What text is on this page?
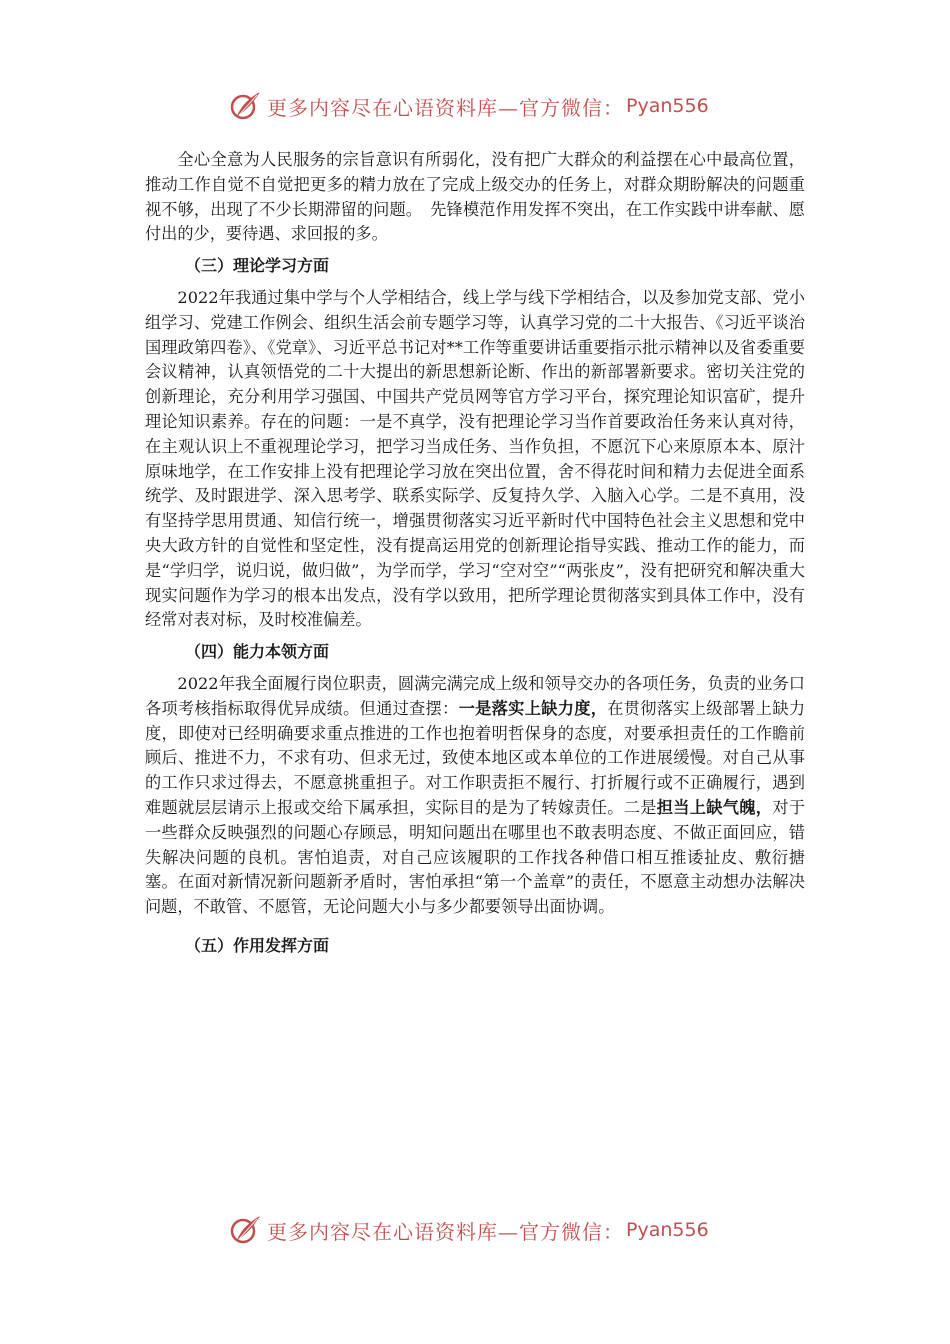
更多内容尽在心语资料库—官方微信： Pyan556

全心全意为人民服务的宗旨意识有所弱化，没有把广大群众的利益摆在心中最高位置，推动工作自觉不自觉把更多的精力放在了完成上级交办的任务上，对群众期盼解决的问题重视不够，出现了不少长期滞留的问题。　先锋模范作用发挥不突出，在工作实践中讲奉献、愿付出的少，要待遇、求回报的多。

（三）理论学习方面

2022年我通过集中学与个人学相结合，线上学与线下学相结合，以及参加党支部、党小组学习、党建工作例会、组织生活会前专题学习等，认真学习党的二十大报告、《习近平谈治国理政第四卷》、《党章》、习近平总书记对**工作等重要讲话重要指示批示精神以及省委重要会议精神，认真领悟党的二十大提出的新思想新论断、作出的新部署新要求。密切关注党的创新理论，充分利用学习强国、中国共产党员网等官方学习平台，探究理论知识富矿，提升理论知识素养。存在的问题：一是不真学，没有把理论学习当作首要政治任务来认真对待，在主观认识上不重视理论学习，把学习当成任务、当作负担，不愿沉下心来原原本本、原汁原味地学，在工作安排上没有把理论学习放在突出位置，舍不得花时间和精力去促进全面系统学、及时跟进学、深入思考学、联系实际学、反复持久学、入脑入心学。二是不真用，没有坚持学思用贯通、知信行统一，增强贯彻落实习近平新时代中国特色社会主义思想和党中央大政方针的自觉性和坚定性，没有提高运用党的创新理论指导实践、推动工作的能力，而是“学归学，说归说，做归做”，为学而学，学习“空对空”“两张皮”，没有把研究和解决重大现实问题作为学习的根本出发点，没有学以致用，把所学理论贯彻落实到具体工作中，没有经常对表对标，及时校准偏差。

（四）能力本领方面

2022年我全面履行岗位职责，圆满完满完成上级和领导交办的各项任务，负责的业务口各项考核指标取得优异成绩。但通过查摆：一是落实上缺力度，在贯彻落实上级部署上缺力度，即使对已经明确要求重点推进的工作也抱着明哲保身的态度，对要承担责任的工作瞻前顾后、推进不力，不求有功、但求无过，致使本地区或本单位的工作进展缓慢。对自己从事的工作只求过得去，不愿意挑重担子。对工作职责拒不履行、打折履行或不正确履行，遇到难题就层层请示上报或交给下属承担，实际目的是为了转嫁责任。二是担当上缺气魄，对于一些群众反映强烈的问题心存顾忌，明知问题出在哪里也不敢表明态度、不做正面回应，错失解决问题的良机。害怕追责，对自己应该履职的工作找各种借口相互推诿扯皮、敷衍搪塞。在面对新情况新问题新矛盾时，害怕承担“第一个盖章”的责任，不愿意主动想办法解决问题，不敢管、不愿管，无论问题大小与多少都要领导出面协调。

（五）作用发挥方面

更多内容尽在心语资料库—官方微信： Pyan556
